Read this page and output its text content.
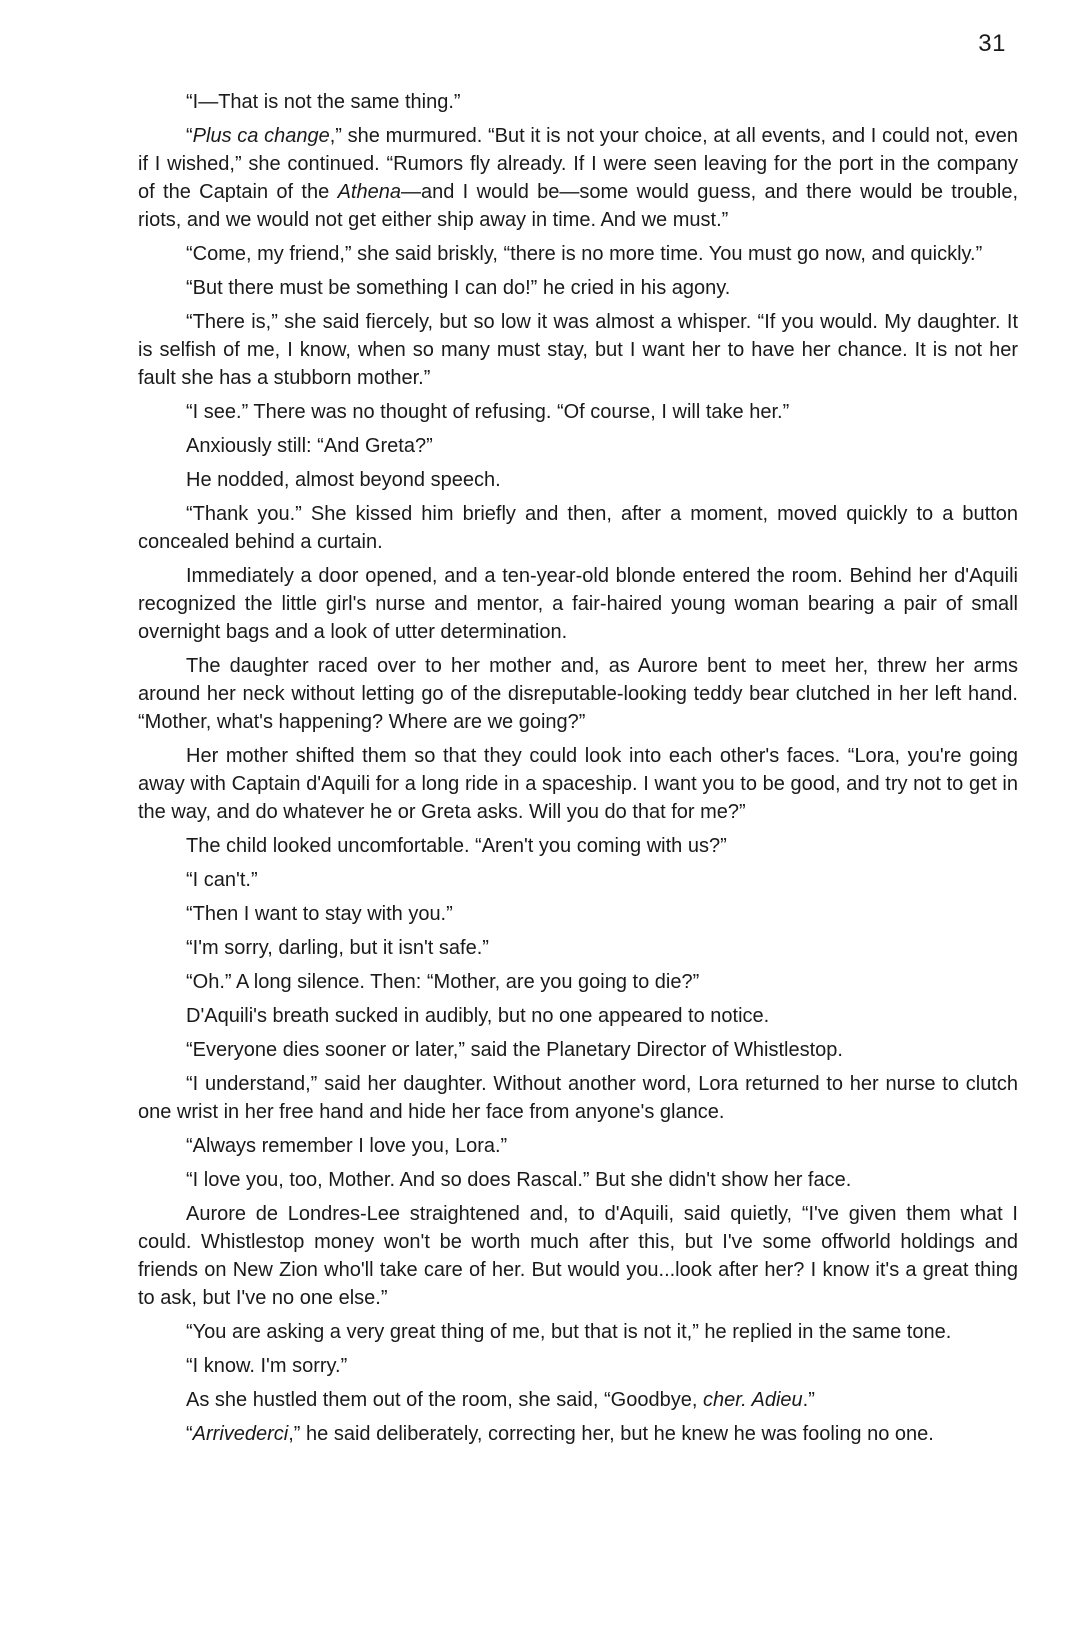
31

“I—That is not the same thing.”

“Plus ca change,” she murmured. “But it is not your choice, at all events, and I could not, even if I wished,” she continued. “Rumors fly already. If I were seen leaving for the port in the company of the Captain of the Athena—and I would be—some would guess, and there would be trouble, riots, and we would not get either ship away in time. And we must.”

“Come, my friend,” she said briskly, “there is no more time. You must go now, and quickly.”

“But there must be something I can do!” he cried in his agony.

“There is,” she said fiercely, but so low it was almost a whisper. “If you would. My daughter. It is selfish of me, I know, when so many must stay, but I want her to have her chance. It is not her fault she has a stubborn mother.”

“I see.” There was no thought of refusing. “Of course, I will take her.”

Anxiously still: “And Greta?”

He nodded, almost beyond speech.

“Thank you.” She kissed him briefly and then, after a moment, moved quickly to a button concealed behind a curtain.

Immediately a door opened, and a ten-year-old blonde entered the room. Behind her d'Aquili recognized the little girl's nurse and mentor, a fair-haired young woman bearing a pair of small overnight bags and a look of utter determination.

The daughter raced over to her mother and, as Aurore bent to meet her, threw her arms around her neck without letting go of the disreputable-looking teddy bear clutched in her left hand. “Mother, what's happening? Where are we going?”

Her mother shifted them so that they could look into each other's faces. “Lora, you're going away with Captain d'Aquili for a long ride in a spaceship. I want you to be good, and try not to get in the way, and do whatever he or Greta asks. Will you do that for me?”

The child looked uncomfortable. “Aren't you coming with us?”

“I can't.”

“Then I want to stay with you.”

“I'm sorry, darling, but it isn't safe.”

“Oh.” A long silence. Then: “Mother, are you going to die?”

D'Aquili's breath sucked in audibly, but no one appeared to notice.

“Everyone dies sooner or later,” said the Planetary Director of Whistlestop.

“I understand,” said her daughter. Without another word, Lora returned to her nurse to clutch one wrist in her free hand and hide her face from anyone's glance.

“Always remember I love you, Lora.”

“I love you, too, Mother. And so does Rascal.” But she didn't show her face.

Aurore de Londres-Lee straightened and, to d'Aquili, said quietly, “I've given them what I could. Whistlestop money won't be worth much after this, but I've some offworld holdings and friends on New Zion who'll take care of her. But would you...look after her? I know it's a great thing to ask, but I've no one else.”

“You are asking a very great thing of me, but that is not it,” he replied in the same tone.

“I know. I'm sorry.”

As she hustled them out of the room, she said, “Goodbye, cher. Adieu.”

“Arrivederci,” he said deliberately, correcting her, but he knew he was fooling no one.
